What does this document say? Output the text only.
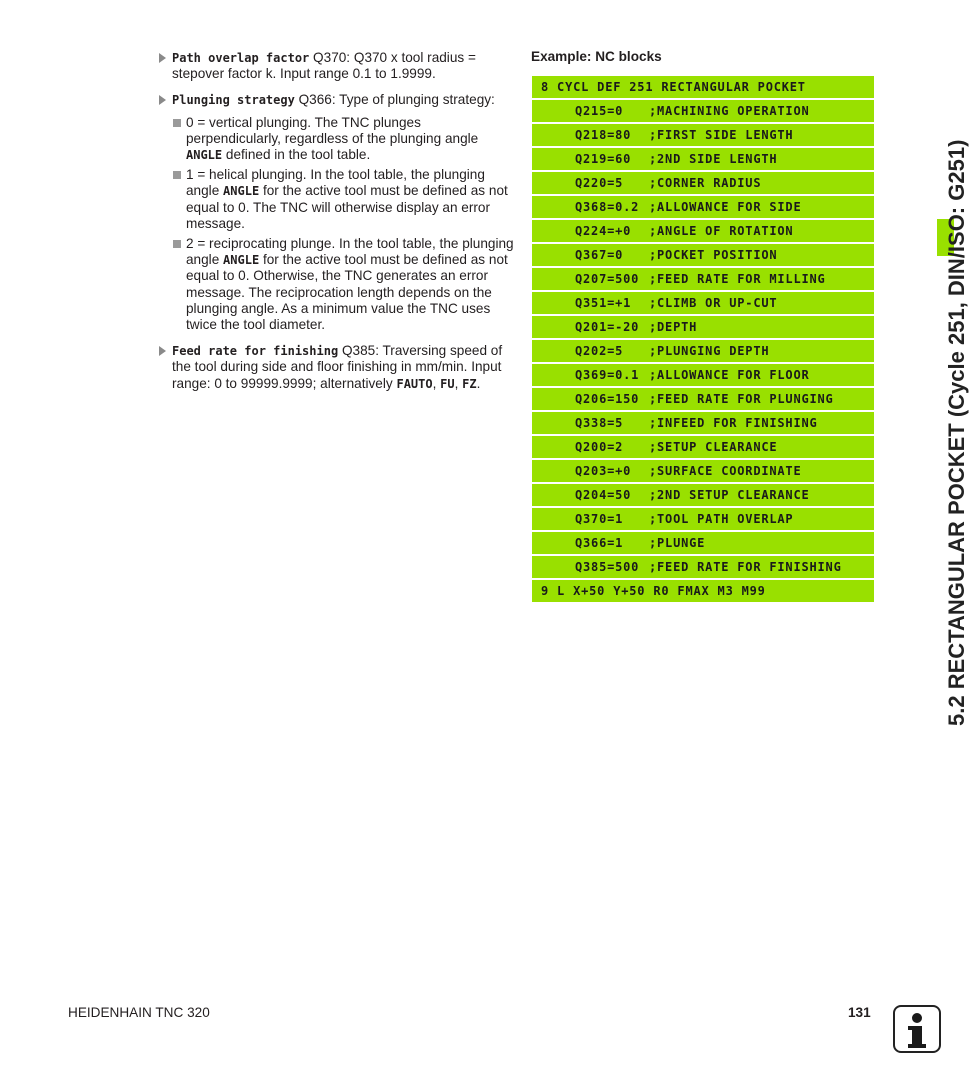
Path overlap factor Q370: Q370 x tool radius = stepover factor k. Input range 0.1 to 1.9999.
Plunging strategy Q366: Type of plunging strategy:
0 = vertical plunging. The TNC plunges perpendicularly, regardless of the plunging angle ANGLE defined in the tool table.
1 = helical plunging. In the tool table, the plunging angle ANGLE for the active tool must be defined as not equal to 0. The TNC will otherwise display an error message.
2 = reciprocating plunge. In the tool table, the plunging angle ANGLE for the active tool must be defined as not equal to 0. Otherwise, the TNC generates an error message. The reciprocation length depends on the plunging angle. As a minimum value the TNC uses twice the tool diameter.
Feed rate for finishing Q385: Traversing speed of the tool during side and floor finishing in mm/min. Input range: 0 to 99999.9999; alternatively FAUTO, FU, FZ.
Example: NC blocks
8 CYCL DEF 251 RECTANGULAR POCKET
Q215=0 ;MACHINING OPERATION
Q218=80 ;FIRST SIDE LENGTH
Q219=60 ;2ND SIDE LENGTH
Q220=5 ;CORNER RADIUS
Q368=0.2 ;ALLOWANCE FOR SIDE
Q224=+0 ;ANGLE OF ROTATION
Q367=0 ;POCKET POSITION
Q207=500 ;FEED RATE FOR MILLING
Q351=+1 ;CLIMB OR UP-CUT
Q201=-20 ;DEPTH
Q202=5 ;PLUNGING DEPTH
Q369=0.1 ;ALLOWANCE FOR FLOOR
Q206=150 ;FEED RATE FOR PLUNGING
Q338=5 ;INFEED FOR FINISHING
Q200=2 ;SETUP CLEARANCE
Q203=+0 ;SURFACE COORDINATE
Q204=50 ;2ND SETUP CLEARANCE
Q370=1 ;TOOL PATH OVERLAP
Q366=1 ;PLUNGE
Q385=500 ;FEED RATE FOR FINISHING
9 L X+50 Y+50 R0 FMAX M3 M99	5.2 RECTANGULAR POCKET (Cycle 251, DIN/ISO: G251)
HEIDENHAIN TNC 320	131
